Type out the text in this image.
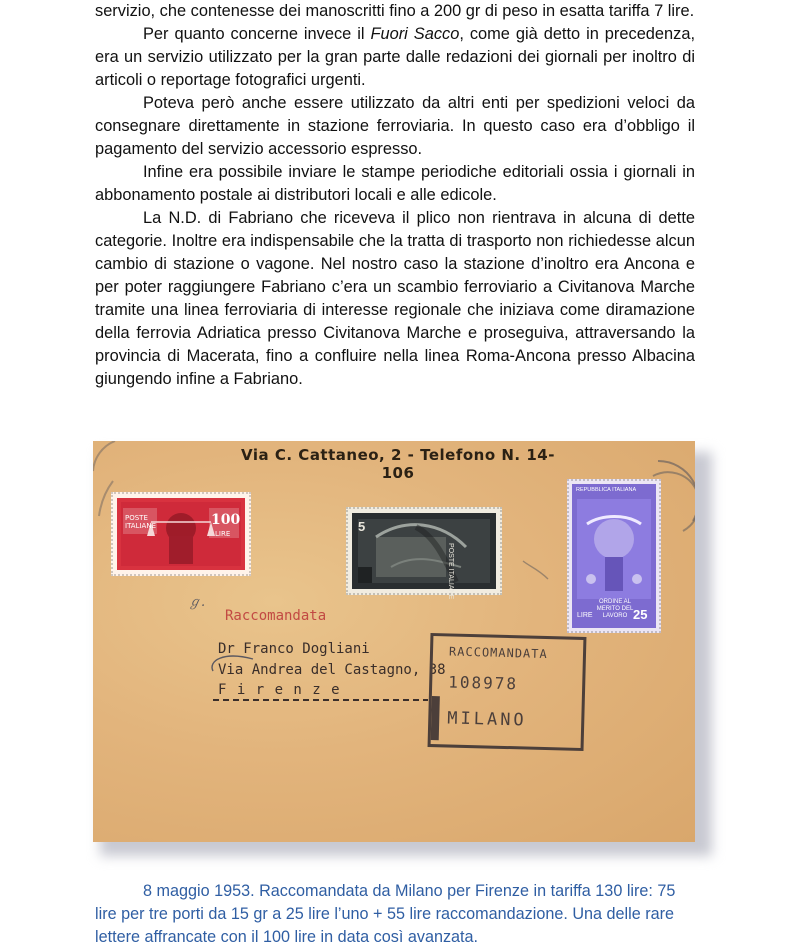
servizio, che contenesse dei manoscritti fino a 200 gr di peso in esatta tariffa 7 lire.

Per quanto concerne invece il Fuori Sacco, come già detto in precedenza, era un servizio utilizzato per la gran parte dalle redazioni dei giornali per inoltro di articoli o reportage fotografici urgenti.

Poteva però anche essere utilizzato da altri enti per spedizioni veloci da consegnare direttamente in stazione ferroviaria. In questo caso era d’obbligo il pagamento del servizio accessorio espresso.

Infine era possibile inviare le stampe periodiche editoriali ossia i giornali in abbonamento postale ai distributori locali e alle edicole.

La N.D. di Fabriano che riceveva il plico non rientrava in alcuna di dette categorie. Inoltre era indispensabile che la tratta di trasporto non richiedesse alcun cambio di stazione o vagone. Nel nostro caso la stazione d’inoltro era Ancona e per poter raggiungere Fabriano c’era un scambio ferroviario a Civitanova Marche tramite una linea ferroviaria di interesse regionale che iniziava come diramazione della ferrovia Adriatica presso Civitanova Marche e proseguiva, attraversando la provincia di Macerata, fino a confluire nella linea Roma-Ancona presso Albacina giungendo infine a Fabriano.

Via C. Cattaneo, 2 - Telefono N. 14-106
POSTE ITALIANE	100
LIRE	5
POSTE ITALIANE
REPUBBLICA ITALIANA
ORDINE AL MERITO DEL LAVORO
LIRE	25
Raccomandata
Dr Franco Dogliani
Via Andrea del Castagno, 38
F i r e n z e
RACCOMANDATA
108978
MILANO
ℊ.

8 maggio 1953. Raccomandata da Milano per Firenze in tariffa 130 lire: 75 lire per tre porti da 15 gr a 25 lire l’uno + 55 lire raccomandazione. Una delle rare lettere affrancate con il 100 lire in data così avanzata.
